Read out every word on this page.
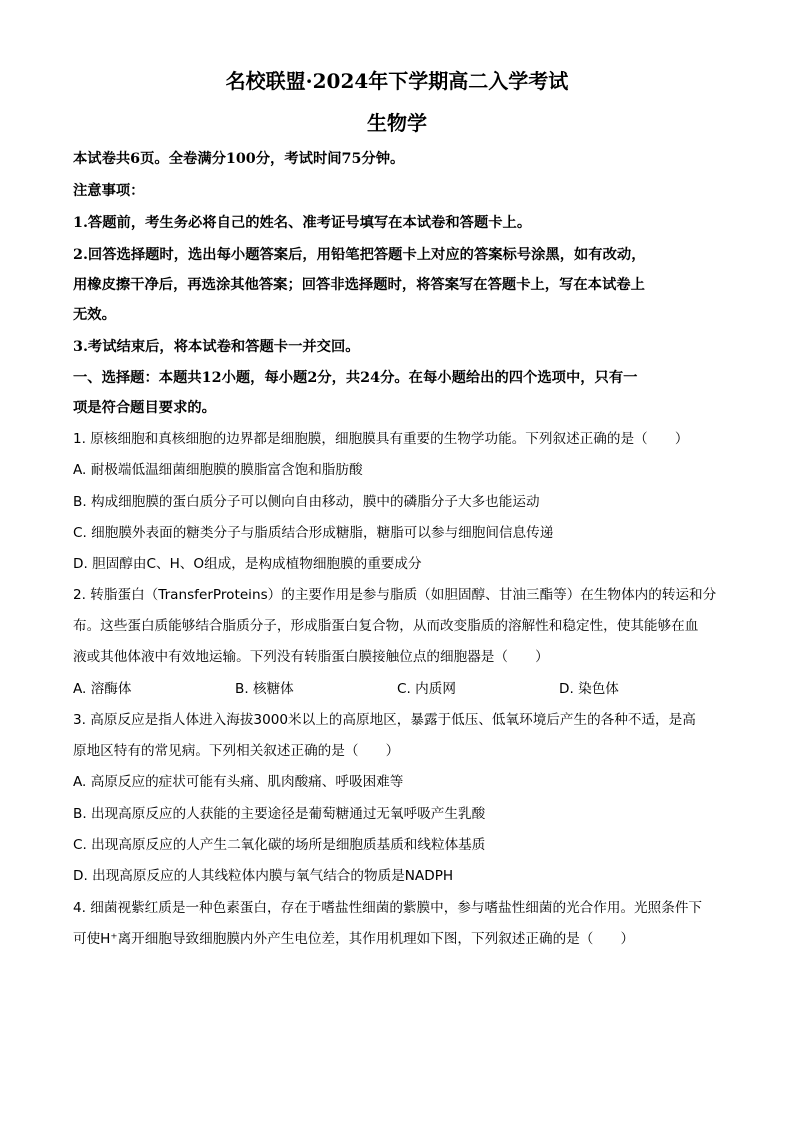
名校联盟·2024年下学期高二入学考试
生物学
本试卷共6页。全卷满分100分，考试时间75分钟。
注意事项：
1.答题前，考生务必将自己的姓名、准考证号填写在本试卷和答题卡上。
2.回答选择题时，选出每小题答案后，用铅笔把答题卡上对应的答案标号涂黑，如有改动，
用橡皮擦干净后，再选涂其他答案；回答非选择题时，将答案写在答题卡上，写在本试卷上
无效。
3.考试结束后，将本试卷和答题卡一并交回。
一、选择题：本题共12小题，每小题2分，共24分。在每小题给出的四个选项中，只有一
项是符合题目要求的。
1. 原核细胞和真核细胞的边界都是细胞膜，细胞膜具有重要的生物学功能。下列叙述正确的是（　　）
A. 耐极端低温细菌细胞膜的膜脂富含饱和脂肪酸
B. 构成细胞膜的蛋白质分子可以侧向自由移动，膜中的磷脂分子大多也能运动
C. 细胞膜外表面的糖类分子与脂质结合形成糖脂，糖脂可以参与细胞间信息传递
D. 胆固醇由C、H、O组成，是构成植物细胞膜的重要成分
2. 转脂蛋白（TransferProteins）的主要作用是参与脂质（如胆固醇、甘油三酯等）在生物体内的转运和分
布。这些蛋白质能够结合脂质分子，形成脂蛋白复合物，从而改变脂质的溶解性和稳定性，使其能够在血
液或其他体液中有效地运输。下列没有转脂蛋白膜接触位点的细胞器是（　　）
A. 溶酶体	B. 核糖体	C. 内质网	D. 染色体
3. 高原反应是指人体进入海拔3000米以上的高原地区，暴露于低压、低氧环境后产生的各种不适，是高
原地区特有的常见病。下列相关叙述正确的是（　　）
A. 高原反应的症状可能有头痛、肌肉酸痛、呼吸困难等
B. 出现高原反应的人获能的主要途径是葡萄糖通过无氧呼吸产生乳酸
C. 出现高原反应的人产生二氧化碳的场所是细胞质基质和线粒体基质
D. 出现高原反应的人其线粒体内膜与氧气结合的物质是NADPH
4. 细菌视紫红质是一种色素蛋白，存在于嗜盐性细菌的紫膜中，参与嗜盐性细菌的光合作用。光照条件下
可使H⁺离开细胞导致细胞膜内外产生电位差，其作用机理如下图，下列叙述正确的是（　　）
